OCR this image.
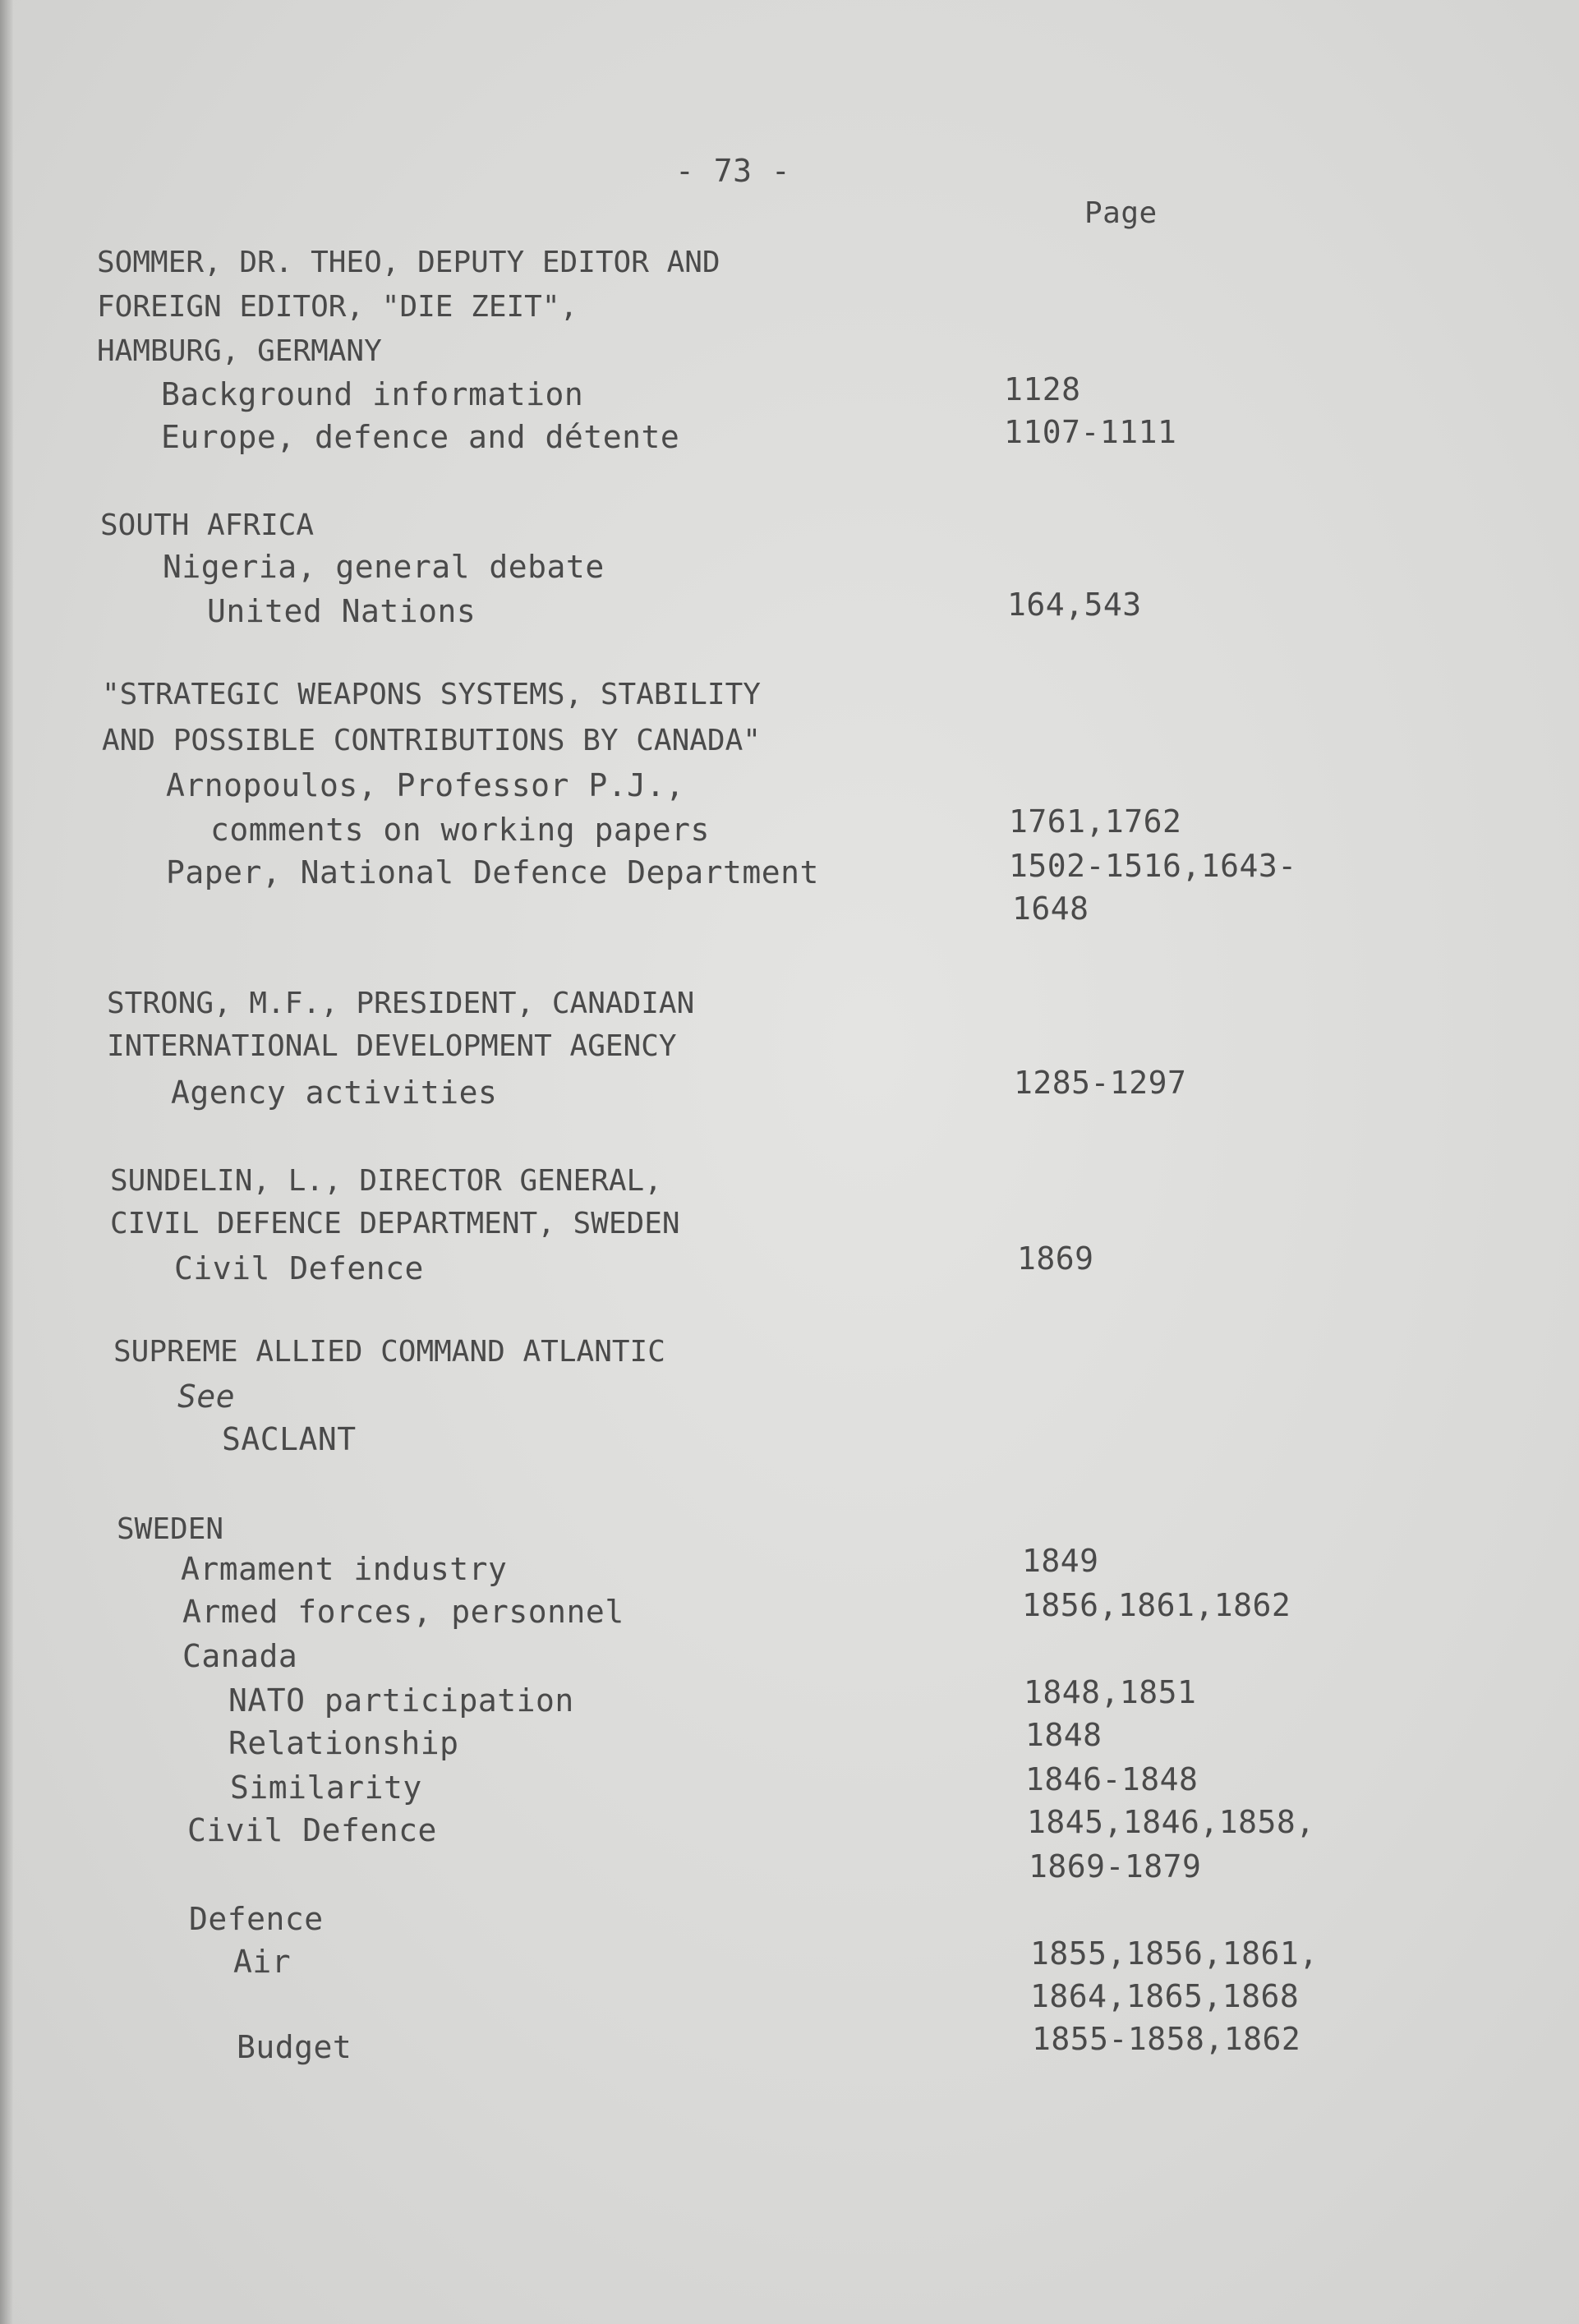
- 73 -
Page
SOMMER, DR. THEO, DEPUTY EDITOR AND
FOREIGN EDITOR, "DIE ZEIT",
HAMBURG, GERMANY
Background information	1128
Europe, defence and détente	1107-1111
SOUTH AFRICA
Nigeria, general debate
United Nations	164,543
"STRATEGIC WEAPONS SYSTEMS, STABILITY
AND POSSIBLE CONTRIBUTIONS BY CANADA"
Arnopoulos, Professor P.J.,
comments on working papers	1761,1762
Paper, National Defence Department	1502-1516,1643-
1648
STRONG, M.F., PRESIDENT, CANADIAN
INTERNATIONAL DEVELOPMENT AGENCY
Agency activities	1285-1297
SUNDELIN, L., DIRECTOR GENERAL,
CIVIL DEFENCE DEPARTMENT, SWEDEN
Civil Defence	1869
SUPREME ALLIED COMMAND ATLANTIC
See
SACLANT
SWEDEN
Armament industry	1849
Armed forces, personnel	1856,1861,1862
Canada
NATO participation	1848,1851
Relationship	1848
Similarity	1846-1848
Civil Defence	1845,1846,1858,
1869-1879
Defence
Air	1855,1856,1861,
1864,1865,1868
Budget	1855-1858,1862
